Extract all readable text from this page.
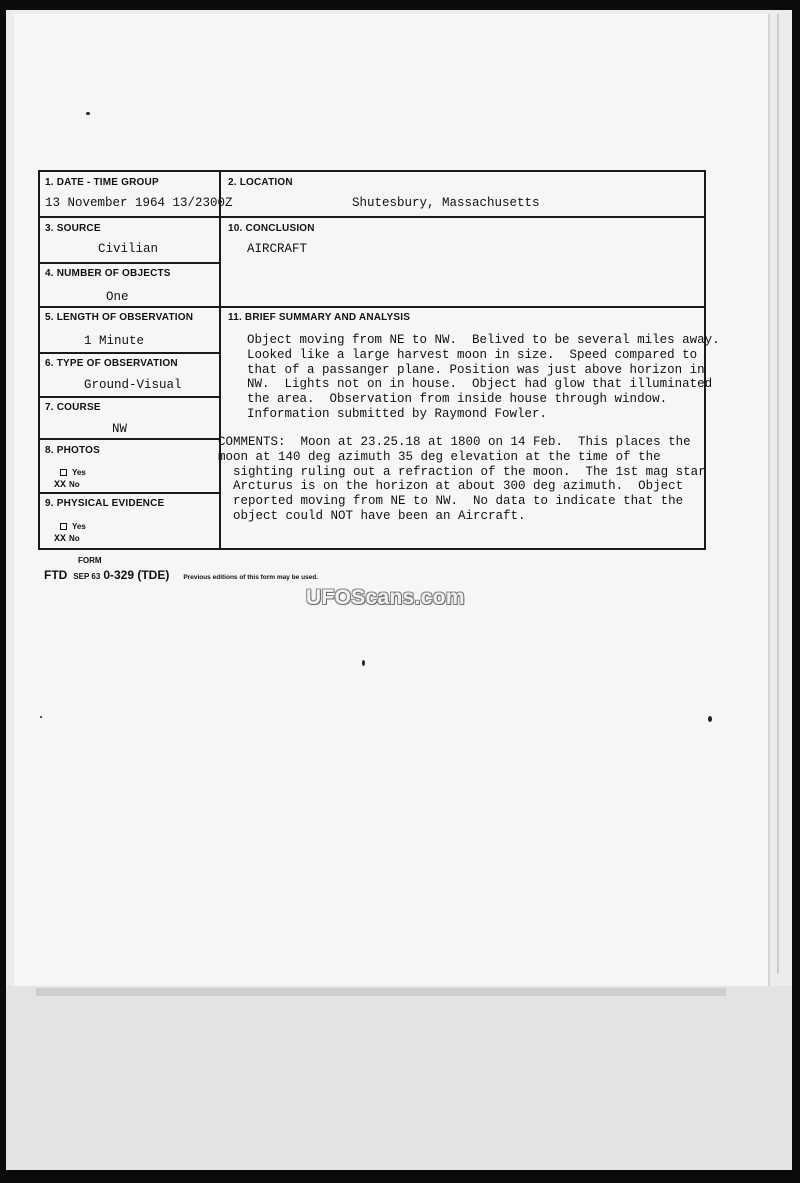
1. DATE - TIME GROUP
13 November 1964 13/2300Z
2. LOCATION
Shutesbury, Massachusetts
3. SOURCE
Civilian
4. NUMBER OF OBJECTS
One
5. LENGTH OF OBSERVATION
1 Minute
6. TYPE OF OBSERVATION
Ground-Visual
7. COURSE
NW
8. PHOTOS
Yes
XX No
9. PHYSICAL EVIDENCE
Yes
XX No
10. CONCLUSION
AIRCRAFT
11. BRIEF SUMMARY AND ANALYSIS
Object moving from NE to NW.  Belived to be several miles away.
Looked like a large harvest moon in size.  Speed compared to
that of a passanger plane. Position was just above horizon in
NW.  Lights not on in house.  Object had glow that illuminated
the area.  Observation from inside house through window.
Information submitted by Raymond Fowler.
COMMENTS:  Moon at 23.25.18 at 1800 on 14 Feb.  This places the
moon at 140 deg azimuth 35 deg elevation at the time of the
sighting ruling out a refraction of the moon.  The 1st mag star
Arcturus is on the horizon at about 300 deg azimuth.  Object
reported moving from NE to NW.  No data to indicate that the
object could NOT have been an Aircraft.
FORM
FTD SEP 63 0-329 (TDE) Previous editions of this form may be used.
UFOScans.com
